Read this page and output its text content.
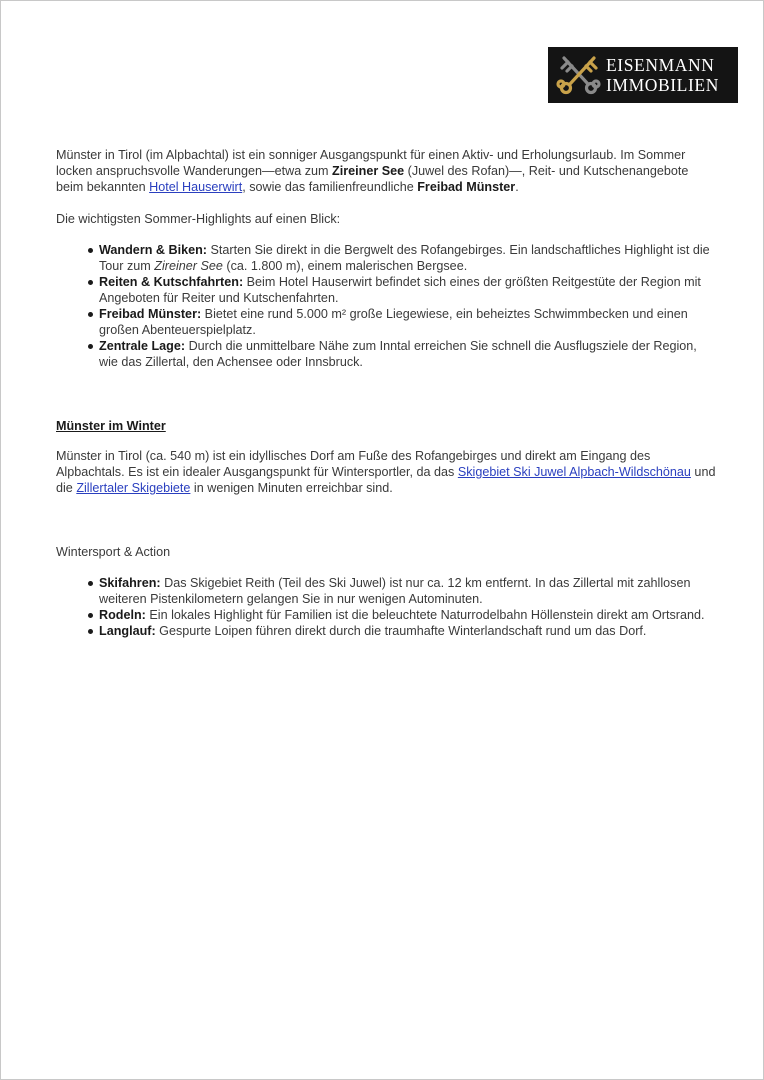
EISENMANN
IMMOBILIEN

Münster in Tirol (im Alpbachtal) ist ein sonniger Ausgangspunkt für einen Aktiv- und Erholungsurlaub. Im Sommer locken anspruchsvolle Wanderungen—etwa zum Zireiner See (Juwel des Rofan)—, Reit- und Kutschenangebote beim bekannten Hotel Hauserwirt, sowie das familienfreundliche Freibad Münster.

Die wichtigsten Sommer-Highlights auf einen Blick:

Wandern & Biken: Starten Sie direkt in die Bergwelt des Rofangebirges. Ein landschaftliches Highlight ist die Tour zum Zireiner See (ca. 1.800 m), einem malerischen Bergsee.
Reiten & Kutschfahrten: Beim Hotel Hauserwirt befindet sich eines der größten Reitgestüte der Region mit Angeboten für Reiter und Kutschenfahrten.
Freibad Münster: Bietet eine rund 5.000 m² große Liegewiese, ein beheiztes Schwimmbecken und einen großen Abenteuerspielplatz.
Zentrale Lage: Durch die unmittelbare Nähe zum Inntal erreichen Sie schnell die Ausflugsziele der Region, wie das Zillertal, den Achensee oder Innsbruck.

Münster im Winter

Münster in Tirol (ca. 540 m) ist ein idyllisches Dorf am Fuße des Rofangebirges und direkt am Eingang des Alpbachtals. Es ist ein idealer Ausgangspunkt für Wintersportler, da das Skigebiet Ski Juwel Alpbach-Wildschönau und die Zillertaler Skigebiete in wenigen Minuten erreichbar sind.

Wintersport & Action

Skifahren: Das Skigebiet Reith (Teil des Ski Juwel) ist nur ca. 12 km entfernt. In das Zillertal mit zahllosen weiteren Pistenkilometern gelangen Sie in nur wenigen Autominuten.
Rodeln: Ein lokales Highlight für Familien ist die beleuchtete Naturrodelbahn Höllenstein direkt am Ortsrand.
Langlauf: Gespurte Loipen führen direkt durch die traumhafte Winterlandschaft rund um das Dorf.
